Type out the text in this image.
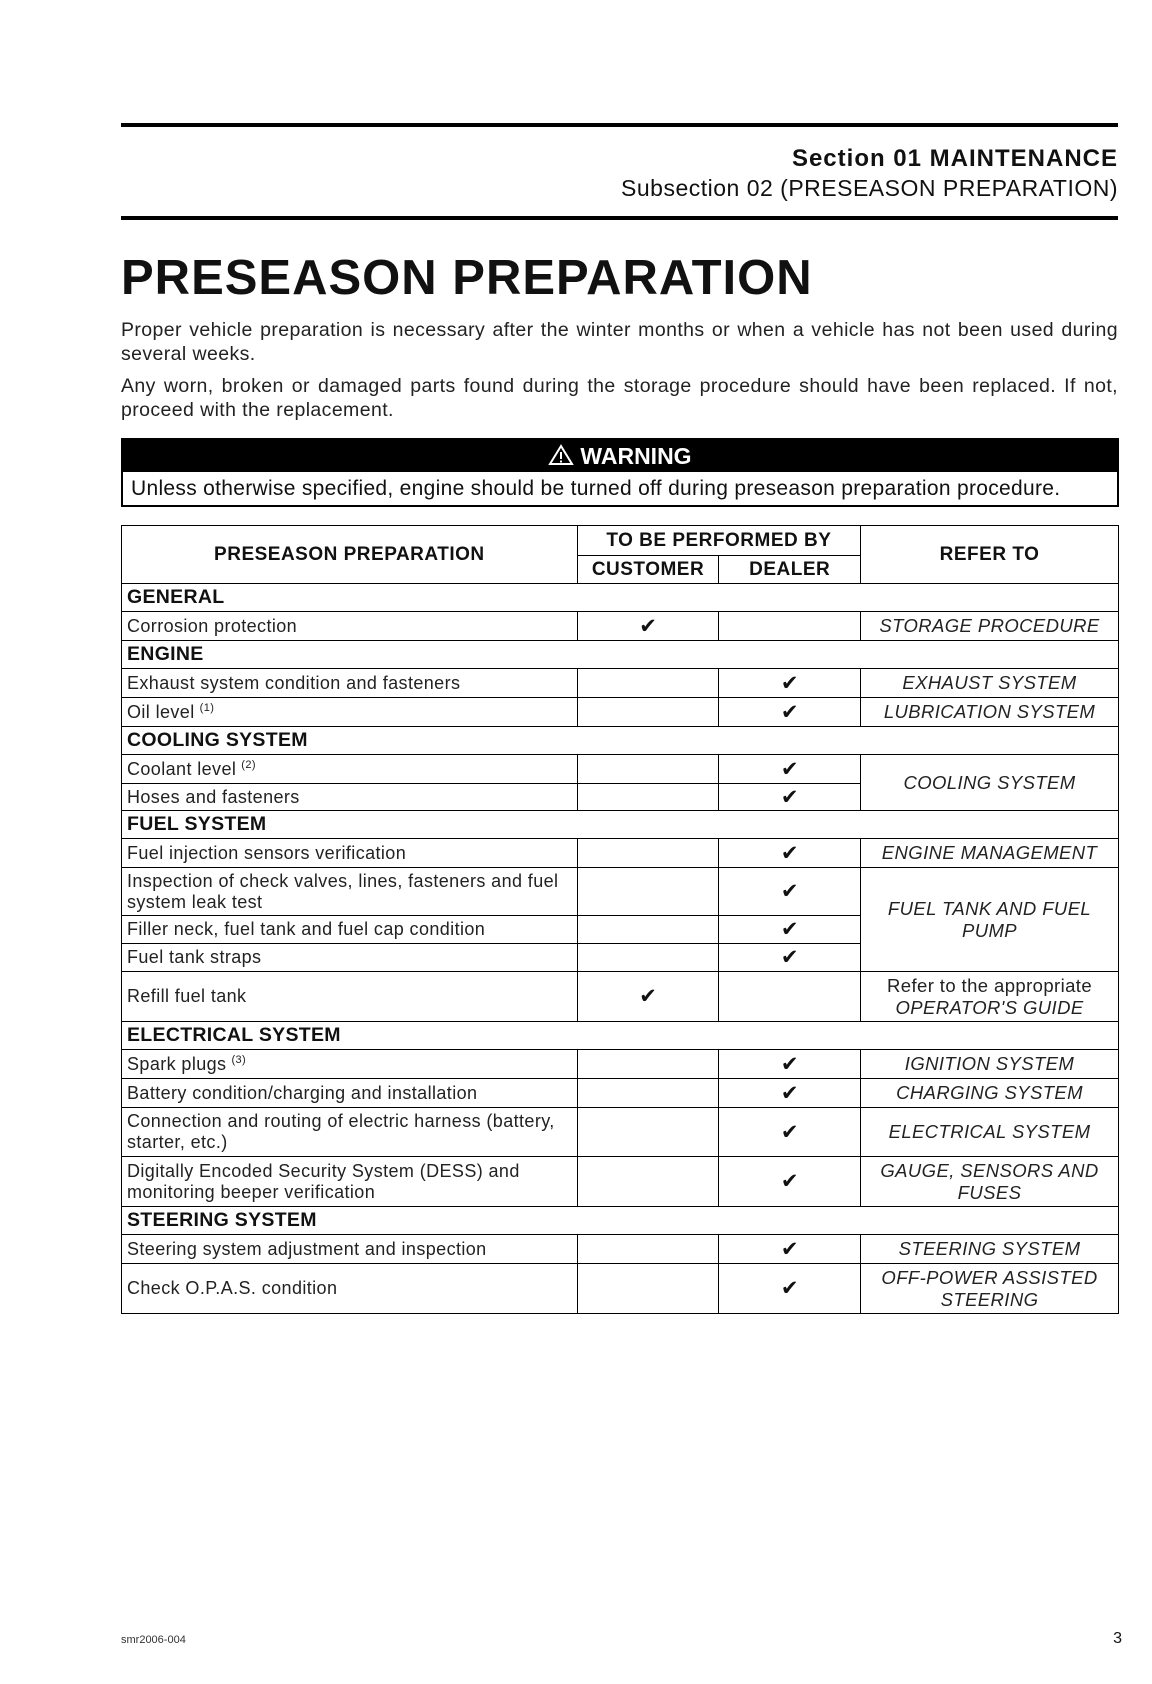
Section 01 MAINTENANCE
Subsection 02 (PRESEASON PREPARATION)
PRESEASON PREPARATION

Proper vehicle preparation is necessary after the winter months or when a vehicle has not been used during several weeks.

Any worn, broken or damaged parts found during the storage procedure should have been replaced. If not, proceed with the replacement.

WARNING
Unless otherwise specified, engine should be turned off during preseason preparation procedure.
PRESEASON PREPARATION	TO BE PERFORMED BY		REFER TO
	CUSTOMER	DEALER	
GENERAL			
Corrosion protection	✔		STORAGE PROCEDURE

ENGINE			
Exhaust system condition and fasteners		✔	EXHAUST SYSTEM

Oil level $^{(1)}$		✔	LUBRICATION SYSTEM

COOLING SYSTEM			
Coolant level $^{(2)}$		✔	COOLING SYSTEM

Hoses and fasteners		✔	
FUEL SYSTEM			
Fuel injection sensors verification		✔	ENGINE MANAGEMENT

Inspection of check valves, lines, fasteners and fuel system leak test		✔	FUEL TANK AND FUEL PUMP

Filler neck, fuel tank and fuel cap condition		✔	
Fuel tank straps		✔	
Refill fuel tank	✔		Refer to the appropriate
OPERATOR'S GUIDE

ELECTRICAL SYSTEM			
Spark plugs $^{(3)}$		✔	IGNITION SYSTEM

Battery condition/charging and installation		✔	CHARGING SYSTEM

Connection and routing of electric harness (battery, starter, etc.)		✔	ELECTRICAL SYSTEM

Digitally Encoded Security System (DESS) and monitoring beeper verification		✔	GAUGE, SENSORS AND FUSES

STEERING SYSTEM			
Steering system adjustment and inspection		✔	STEERING SYSTEM

Check O.P.A.S. condition		✔	OFF-POWER ASSISTED STEERING
smr2006-004	3
